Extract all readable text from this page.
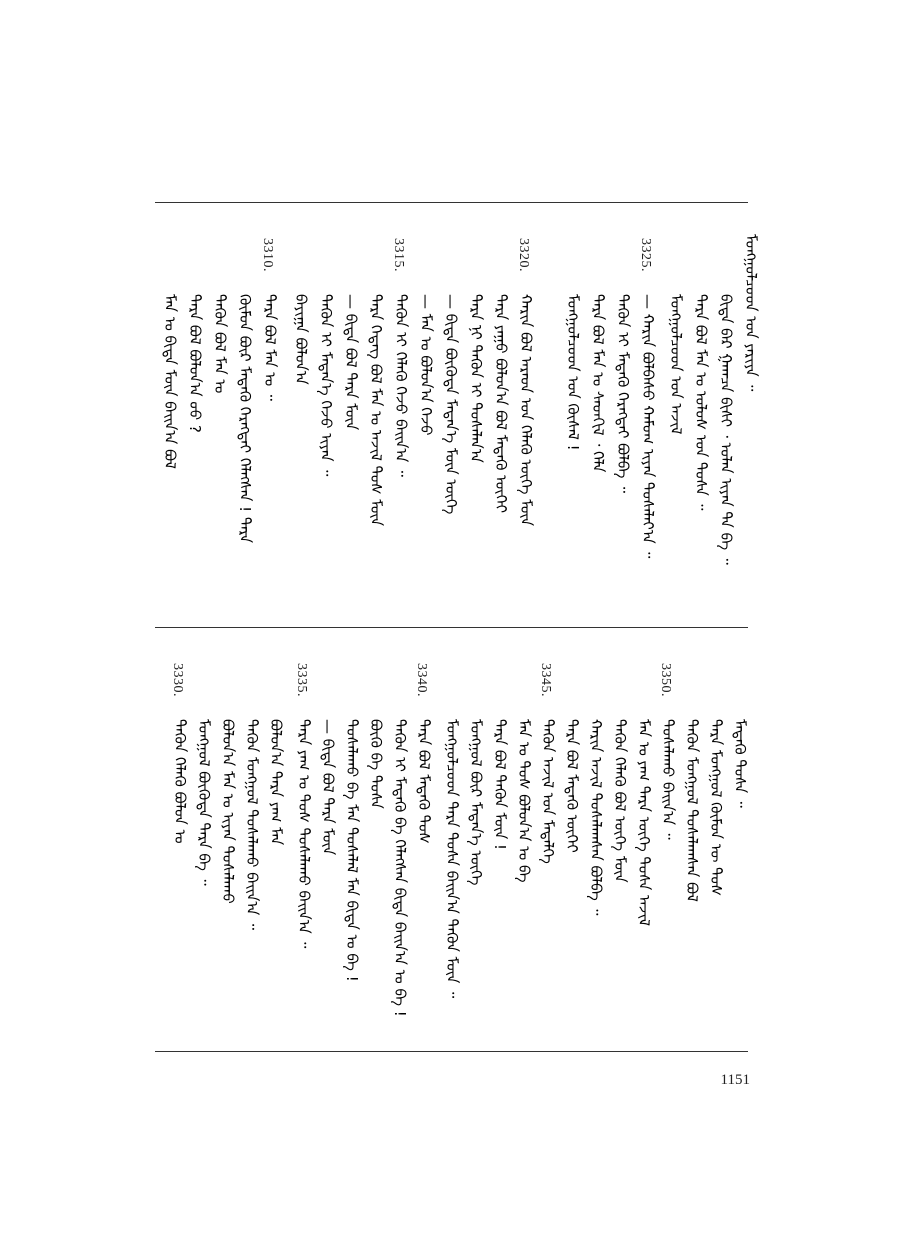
ᠮᠣᠩᠭᠣᠯᠴᠤᠳ ᠤᠨ ᠶᠠᠷᠢᠶᠠ ᠃
ᠪᠢᠳᠡ ᠪᠡᠷ ᠭᠠᠭᠴᠠ ᠪᠢᠰᠢ ᠂ ᠣᠯᠠᠨ ᠢᠶᠡᠨ ᠲᠡ ᠪᠡ ᠃
ᠲᠡᠷᠡ ᠪᠣᠯ ᠮᠠᠨ ᠤ ᠤᠯᠤᠰ ᠤᠨ ᠲᠤᠰᠠ ᠃
ᠮᠣᠩᠭᠣᠯᠴᠤᠳ ᠤᠨ ᠠᠵᠢᠯ
3325.
— ᠬᠠᠷᠢᠨ ᠪᠣᠯᠪᠠᠰᠤ ᠬᠠᠮᠤᠭ ᠢᠶᠡᠨ ᠲᠤᠰᠠᠯᠠᠶ᠎ᠠ ᠃
ᠲᠡᠭᠦᠨ ᠢ ᠮᠡᠳᠡᠬᠦ ᠬᠡᠷᠡᠭᠲᠡᠢ ᠪᠣᠯᠪᠠ ᠃
ᠲᠡᠷᠡ ᠪᠣᠯ ᠮᠠᠨ ᠤ ᠰᠡᠳᠬᠢᠯ ᠂ ᠬᠡᠯᠡ
ᠮᠣᠩᠭᠣᠯᠴᠤᠳ ᠤᠨ ᠬᠦᠰᠡᠯ !
3320.
ᠬᠠᠷᠢᠨ ᠪᠣᠯ ᠠᠷᠠᠳ ᠤᠨ ᠬᠡᠯᠡᠬᠦ ᠦᠭᠡ ᠮᠦᠨ
ᠲᠡᠷᠡ ᠶᠠᠭᠤ ᠪᠣᠯᠤᠨ᠎ᠠ ᠪᠣᠯ ᠮᠡᠳᠡᠬᠦ ᠦᠭᠡᠢ
ᠲᠡᠷᠡ ᠨᠢ ᠲᠡᠭᠦᠨ ᠢ ᠲᠤᠰᠠᠯᠠᠨ᠎ᠠ
— ᠪᠢᠳᠡ ᠪᠦᠭᠦᠳᠡ ᠮᠡᠳᠡᠨ᠎ᠡ ᠮᠦᠨ ᠦᠭᠡ
— ᠮᠠᠨ ᠤ ᠪᠣᠯᠤᠨ᠎ᠠ ᠭᠡᠵᠦ
3315.
ᠲᠡᠭᠦᠨ ᠢ ᠬᠡᠯᠡᠬᠦ ᠭᠡᠵᠦ ᠪᠠᠢᠨ᠎ᠠ ᠃
ᠲᠡᠷᠡ ᠭᠡᠳᠡᠭ ᠪᠣᠯ ᠮᠠᠨ ᠤ ᠠᠵᠢᠯ ᠲᠤᠰ ᠮᠦᠨ
— ᠪᠢᠳᠡ ᠪᠣᠯ ᠲᠡᠷᠡ ᠮᠦᠨ
ᠲᠡᠭᠦᠨ ᠢ ᠮᠡᠳᠡᠨ᠎ᠡ ᠭᠡᠵᠦ ᠢᠶᠡᠨ ᠃
ᠪᠠᠶᠢᠭᠠ ᠪᠣᠯᠤᠨ᠎ᠠ
3310.
ᠲᠡᠷᠡ ᠪᠣᠯ ᠮᠠᠨ ᠤ ᠃
ᠬᠦᠮᠦᠨ ᠪᠦᠷ ᠮᠡᠳᠡᠬᠦ ᠬᠡᠷᠡᠭᠲᠡᠢ ᠬᠡᠯᠡᠭᠰᠡᠨ ! ᠲᠡᠷᠡ
ᠲᠡᠭᠦᠨ ᠪᠣᠯ ᠮᠠᠨ ᠤ
ᠲᠡᠷᠡ ᠪᠣᠯ ᠪᠣᠯᠤᠨ᠎ᠠ ᠦᠦ ?
ᠮᠠᠨ ᠤ ᠪᠢᠳᠡ ᠮᠦᠨ ᠪᠠᠢᠨ᠎ᠠ ᠪᠣᠯ
ᠮᠡᠳᠡᠬᠦ ᠲᠤᠰᠠ ᠃
ᠲᠡᠷᠡ ᠮᠣᠩᠭᠣᠯ ᠬᠦᠮᠦᠨ ᠦ ᠲᠤᠰ
ᠲᠡᠭᠦᠨ ᠮᠣᠩᠭᠣᠯ ᠲᠤᠰᠠᠯᠠᠭᠰᠠᠨ ᠪᠣᠯ
3350.
ᠲᠤᠰᠠᠯᠠᠬᠤ ᠪᠠᠢᠨ᠎ᠠ ᠃
ᠮᠠᠨ ᠤ ᠶᠠᠭ ᠲᠡᠷᠡ ᠦᠭᠡ ᠲᠤᠰᠠ ᠠᠵᠢᠯ
ᠲᠡᠭᠦᠨ ᠬᠡᠯᠡᠬᠦ ᠪᠣᠯ ᠦᠭᠡ ᠮᠦᠨ
ᠬᠠᠷᠢᠨ ᠠᠵᠢᠯ ᠲᠤᠰᠠᠯᠠᠭᠰᠠᠨ ᠪᠣᠯᠪᠠ ᠃
ᠲᠡᠷᠡ ᠪᠣᠯ ᠮᠡᠳᠡᠬᠦ ᠦᠭᠡᠢ
3345.
ᠲᠡᠭᠦᠨ ᠠᠵᠢᠯ ᠤᠨ ᠮᠡᠳᠡᠯᠭᠡ
ᠮᠠᠨ ᠤ ᠲᠤᠰ ᠪᠣᠯᠤᠨ᠎ᠠ ᠤ ᠪᠠ
ᠲᠡᠷᠡ ᠪᠣᠯ ᠲᠡᠭᠦᠨ ᠮᠦᠨ !
ᠮᠣᠩᠭᠣᠯ ᠪᠦᠷ ᠮᠡᠳᠡᠨ᠎ᠡ ᠦᠭᠡ
ᠮᠣᠩᠭᠣᠯᠴᠤᠳ ᠲᠡᠷᠡ ᠲᠤᠰᠠ ᠪᠠᠢᠨ᠎ᠠ ᠲᠡᠭᠦᠨ ᠮᠦᠨ ᠃
3340.
ᠲᠡᠷᠡ ᠪᠣᠯ ᠮᠡᠳᠡᠬᠦ ᠲᠤᠰ
ᠲᠡᠭᠦᠨ ᠢ ᠮᠡᠳᠡᠬᠦ ᠪᠠ ᠬᠡᠯᠡᠭᠰᠡᠨ ᠪᠢᠳᠡ ᠪᠠᠢᠨ᠎ᠠ ᠤ ᠪᠠ !
ᠪᠦᠬᠦ ᠪᠠ ᠲᠤᠰᠠ
ᠲᠤᠰᠠᠯᠠᠬᠤ ᠪᠠ ᠮᠠᠨ ᠲᠤᠰᠠᠯᠠᠯ ᠮᠠᠨ ᠪᠢᠳᠡ ᠤ ᠪᠠ !
— ᠪᠢᠳᠡ ᠪᠣᠯ ᠲᠡᠷᠡ ᠮᠦᠨ
3335.
ᠲᠡᠷᠡ ᠶᠠᠭ ᠤ ᠲᠤᠰ ᠲᠤᠰᠠᠯᠠᠬᠤ ᠪᠠᠢᠨ᠎ᠠ ᠃
ᠪᠣᠯᠤᠨ᠎ᠠ ᠲᠡᠷᠡ ᠶᠠᠭ ᠮᠠᠨ
ᠲᠡᠭᠦᠨ ᠮᠣᠩᠭᠣᠯ ᠲᠤᠰᠠᠯᠠᠬᠤ ᠪᠠᠢᠨ᠎ᠠ ᠃
ᠪᠣᠯᠤᠨ᠎ᠠ ᠮᠠᠨ ᠤ ᠢᠶᠡᠨ ᠲᠤᠰᠠᠯᠠᠬᠤ
ᠮᠣᠩᠭᠣᠯ ᠪᠦᠭᠦᠳᠡ ᠲᠡᠷᠡ ᠪᠠ ᠃
3330.
ᠲᠡᠭᠦᠨ ᠬᠡᠯᠡᠬᠦ ᠪᠣᠯᠤᠨ ᠤ
1151
